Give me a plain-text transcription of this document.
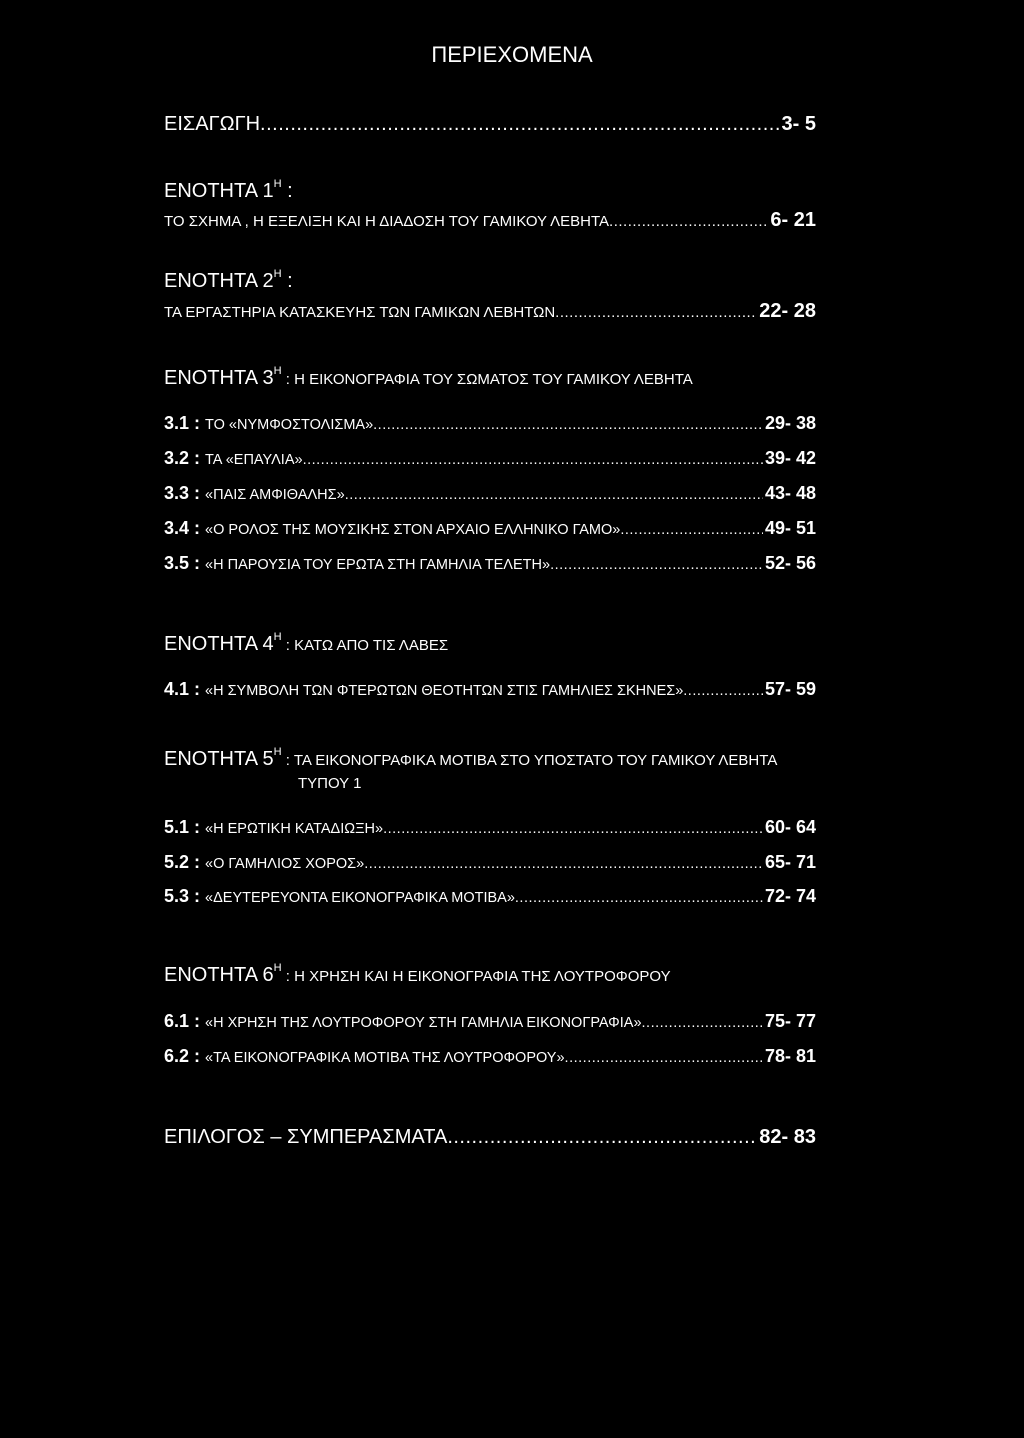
ΠΕΡΙΕΧΟΜΕΝΑ
ΕΙΣΑΓΩΓΗ .....	3- 5
ΕΝΟΤΗΤΑ $1^H$ :
ΤΟ ΣΧΗΜΑ , Η ΕΞΕΛΙΞΗ ΚΑΙ Η ΔΙΑΔΟΣΗ ΤΟΥ ΓΑΜΙΚΟΥ ΛΕΒΗΤΑ .....	6- 21
ΕΝΟΤΗΤΑ $2^H$ :
ΤΑ ΕΡΓΑΣΤΗΡΙΑ ΚΑΤΑΣΚΕΥΗΣ ΤΩΝ ΓΑΜΙΚΩΝ ΛΕΒΗΤΩΝ .....	22- 28
ΕΝΟΤΗΤΑ $3^H$ : Η ΕΙΚΟΝΟΓΡΑΦΙΑ ΤΟΥ ΣΩΜΑΤΟΣ ΤΟΥ ΓΑΜΙΚΟΥ ΛΕΒΗΤΑ
3.1 : ΤΟ «ΝΥΜΦΟΣΤΟΛΙΣΜΑ» .....	29- 38
3.2 : ΤΑ «ΕΠΑΥΛΙΑ» .....	39- 42
3.3 : «ΠΑΙΣ ΑΜΦΙΘΑΛΗΣ» .....	43- 48
3.4 : «Ο ΡΟΛΟΣ ΤΗΣ ΜΟΥΣΙΚΗΣ ΣΤΟΝ ΑΡΧΑΙΟ ΕΛΛΗΝΙΚΟ ΓΑΜΟ» .....	49- 51
3.5 : «Η ΠΑΡΟΥΣΙΑ ΤΟΥ ΕΡΩΤΑ ΣΤΗ ΓΑΜΗΛΙΑ ΤΕΛΕΤΗ» .....	52- 56
ΕΝΟΤΗΤΑ $4^H$ : ΚΑΤΩ ΑΠΟ ΤΙΣ ΛΑΒΕΣ
4.1 : «Η ΣΥΜΒΟΛΗ ΤΩΝ ΦΤΕΡΩΤΩΝ ΘΕΟΤΗΤΩΝ ΣΤΙΣ ΓΑΜΗΛΙΕΣ ΣΚΗΝΕΣ» .....	57- 59
ΕΝΟΤΗΤΑ $5^H$ : ΤΑ ΕΙΚΟΝΟΓΡΑΦΙΚΑ ΜΟΤΙΒΑ ΣΤΟ ΥΠΟΣΤΑΤΟ ΤΟΥ ΓΑΜΙΚΟΥ ΛΕΒΗΤΑ
ΤΥΠΟΥ 1
5.1 : «Η ΕΡΩΤΙΚΗ ΚΑΤΑΔΙΩΞΗ» .....	60- 64
5.2 : «Ο ΓΑΜΗΛΙΟΣ ΧΟΡΟΣ» .....	65- 71
5.3 : «ΔΕΥΤΕΡΕΥΟΝΤΑ ΕΙΚΟΝΟΓΡΑΦΙΚΑ ΜΟΤΙΒΑ» .....	72- 74
ΕΝΟΤΗΤΑ $6^H$ : Η ΧΡΗΣΗ ΚΑΙ Η ΕΙΚΟΝΟΓΡΑΦΙΑ ΤΗΣ ΛΟΥΤΡΟΦΟΡΟΥ
6.1 : «Η ΧΡΗΣΗ ΤΗΣ ΛΟΥΤΡΟΦΟΡΟΥ ΣΤΗ ΓΑΜΗΛΙΑ ΕΙΚΟΝΟΓΡΑΦΙΑ» .....	75- 77
6.2 : «ΤΑ ΕΙΚΟΝΟΓΡΑΦΙΚΑ ΜΟΤΙΒΑ ΤΗΣ ΛΟΥΤΡΟΦΟΡΟΥ» .....	78- 81
ΕΠΙΛΟΓΟΣ – ΣΥΜΠΕΡΑΣΜΑΤΑ .....	82- 83
